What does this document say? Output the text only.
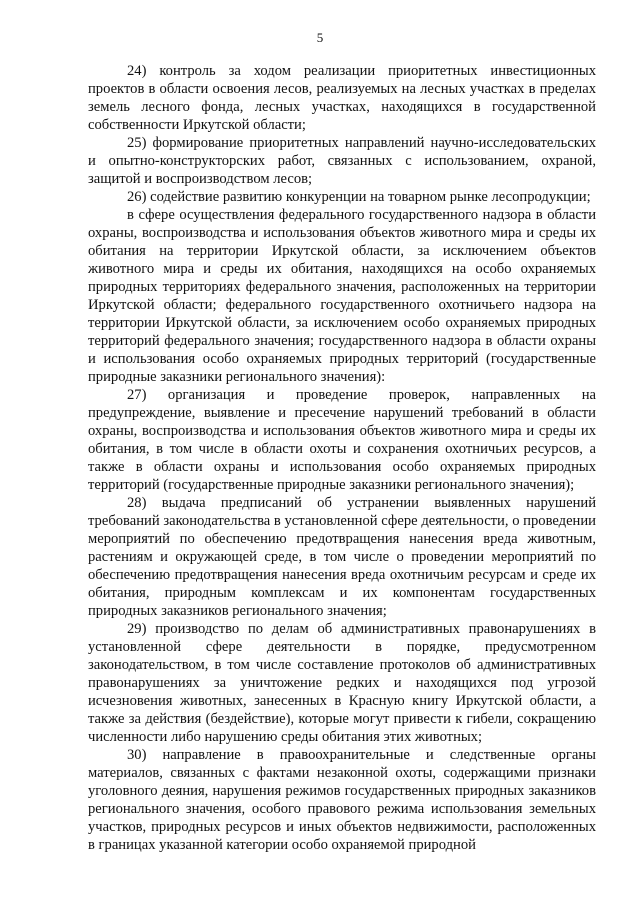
5

24) контроль за ходом реализации приоритетных инвестиционных проектов в области освоения лесов, реализуемых на лесных участках в пределах земель лесного фонда, лесных участках, находящихся в государственной собственности Иркутской области;

25) формирование приоритетных направлений научно-исследовательских и опытно-конструкторских работ, связанных с использованием, охраной, защитой и воспроизводством лесов;

26) содействие развитию конкуренции на товарном рынке лесопродукции;

в сфере осуществления федерального государственного надзора в области охраны, воспроизводства и использования объектов животного мира и среды их обитания на территории Иркутской области, за исключением объектов животного мира и среды их обитания, находящихся на особо охраняемых природных территориях федерального значения, расположенных на территории Иркутской области; федерального государственного охотничьего надзора на территории Иркутской области, за исключением особо охраняемых природных территорий федерального значения; государственного надзора в области охраны и использования особо охраняемых природных территорий (государственные природные заказники регионального значения):

27) организация и проведение проверок, направленных на предупреждение, выявление и пресечение нарушений требований в области охраны, воспроизводства и использования объектов животного мира и среды их обитания, в том числе в области охоты и сохранения охотничьих ресурсов, а также в области охраны и использования особо охраняемых природных территорий (государственные природные заказники регионального значения);

28) выдача предписаний об устранении выявленных нарушений требований законодательства в установленной сфере деятельности, о проведении мероприятий по обеспечению предотвращения нанесения вреда животным, растениям и окружающей среде, в том числе о проведении мероприятий по обеспечению предотвращения нанесения вреда охотничьим ресурсам и среде их обитания, природным комплексам и их компонентам государственных природных заказников регионального значения;

29) производство по делам об административных правонарушениях в установленной сфере деятельности в порядке, предусмотренном законодательством, в том числе составление протоколов об административных правонарушениях за уничтожение редких и находящихся под угрозой исчезновения животных, занесенных в Красную книгу Иркутской области, а также за действия (бездействие), которые могут привести к гибели, сокращению численности либо нарушению среды обитания этих животных;

30) направление в правоохранительные и следственные органы материалов, связанных с фактами незаконной охоты, содержащими признаки уголовного деяния, нарушения режимов государственных природных заказников регионального значения, особого правового режима использования земельных участков, природных ресурсов и иных объектов недвижимости, расположенных в границах указанной категории особо охраняемой природной
